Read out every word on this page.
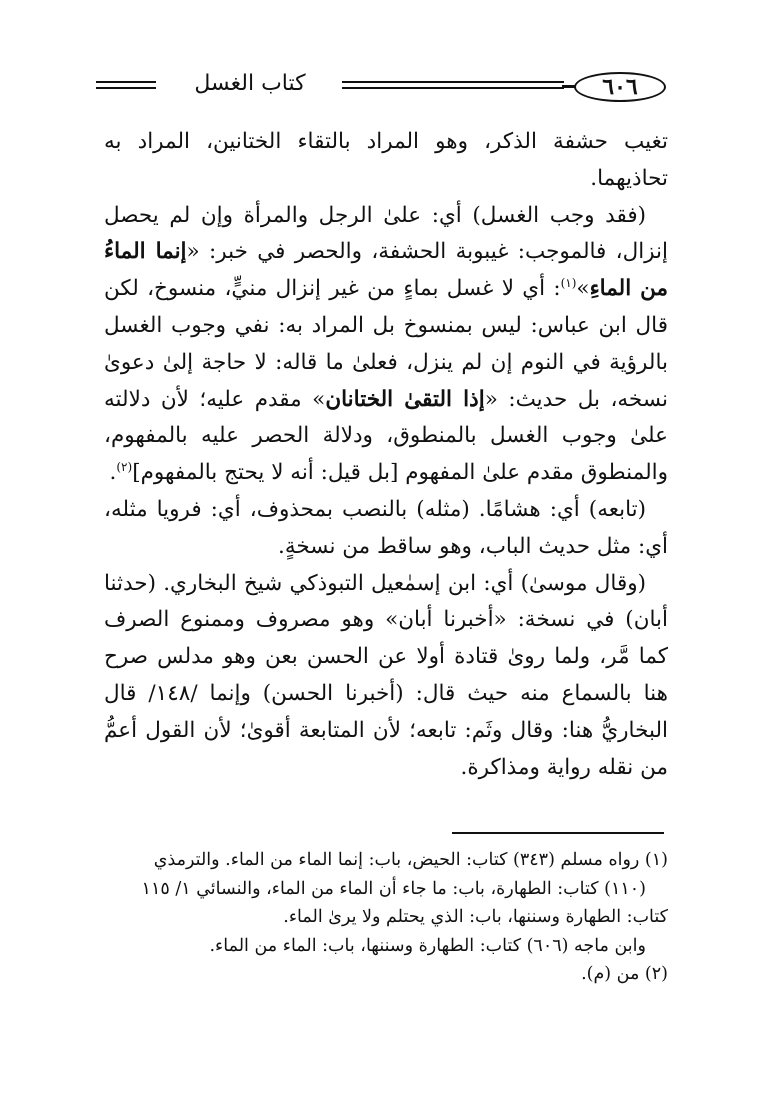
٦٠٦
كتاب الغسل

تغيب حشفة الذكر، وهو المراد بالتقاء الختانين، المراد به تحاذيهما.

(فقد وجب الغسل) أي: علىٰ الرجل والمرأة وإن لم يحصل إنزال، فالموجب: غيبوبة الحشفة، والحصر في خبر: «إنما الماءُ من الماءِ»$^{(١)}$: أي لا غسل بماءٍ من غير إنزال منيٍّ، منسوخ، لكن قال ابن عباس: ليس بمنسوخ بل المراد به: نفي وجوب الغسل بالرؤية في النوم إن لم ينزل، فعلىٰ ما قاله: لا حاجة إلىٰ دعوىٰ نسخه، بل حديث: «إذا التقىٰ الختانان» مقدم عليه؛ لأن دلالته علىٰ وجوب الغسل بالمنطوق، ودلالة الحصر عليه بالمفهوم، والمنطوق مقدم علىٰ المفهوم [بل قيل: أنه لا يحتج بالمفهوم]$^{(٢)}$.

(تابعه) أي: هشامًا. (مثله) بالنصب بمحذوف، أي: فرويا مثله، أي: مثل حديث الباب، وهو ساقط من نسخةٍ.

(وقال موسىٰ) أي: ابن إسمٰعيل التبوذكي شيخ البخاري. (حدثنا أبان) في نسخة: «أخبرنا أبان» وهو مصروف وممنوع الصرف كما مَّر، ولما روىٰ قتادة أولا عن الحسن بعن وهو مدلس صرح هنا بالسماع منه حيث قال: (أخبرنا الحسن) وإنما /١٤٨/ قال البخاريُّ هنا: وقال وثَم: تابعه؛ لأن المتابعة أقوىٰ؛ لأن القول أعمُّ من نقله رواية ومذاكرة.

(١) رواه مسلم (٣٤٣) كتاب: الحيض، باب: إنما الماء من الماء. والترمذي

(١١٠) كتاب: الطهارة، باب: ما جاء أن الماء من الماء، والنسائي ١/ ١١٥

كتاب: الطهارة وسننها، باب: الذي يحتلم ولا يرىٰ الماء.

وابن ماجه (٦٠٦) كتاب: الطهارة وسننها، باب: الماء من الماء.

(٢) من (م).
